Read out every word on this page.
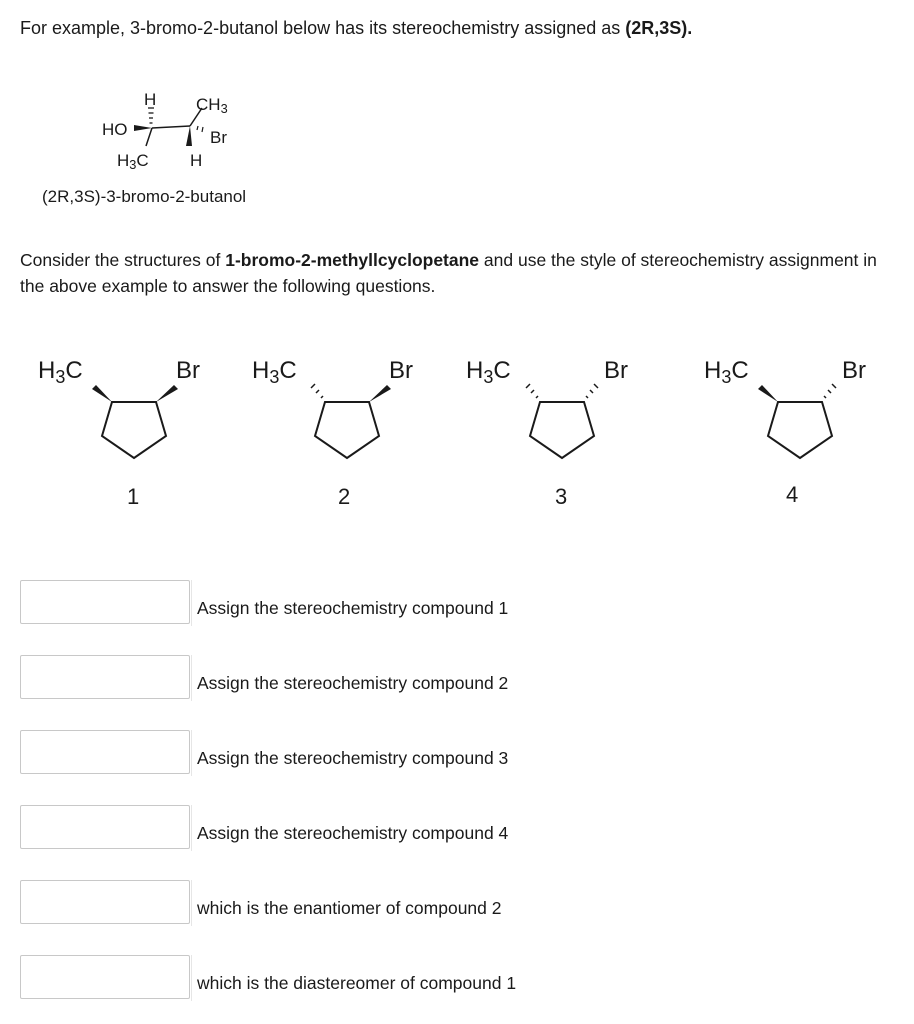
For example, 3-bromo-2-butanol below has its stereochemistry assigned as (2R,3S).
H CH3
HO	Br
H3C H
(2R,3S)-3-bromo-2-butanol
Consider the structures of 1-bromo-2-methyllcyclopetane and use the style of stereochemistry assignment in the above example to answer the following questions.
H3C	Br
1
H3C	Br
2
H3C	Br
3
H3C	Br
4
Assign the stereochemistry compound 1
Assign the stereochemistry compound 2
Assign the stereochemistry compound 3
Assign the stereochemistry compound 4
which is the enantiomer of compound 2
which is the diastereomer of compound 1
